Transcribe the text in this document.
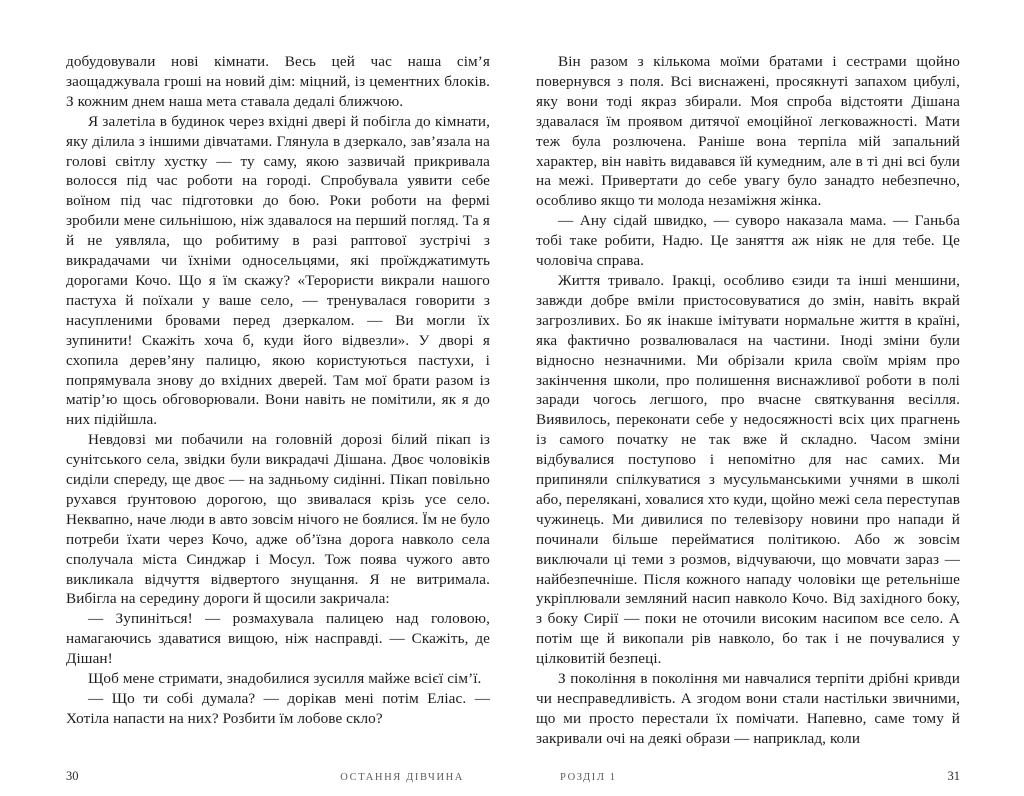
добудовували нові кімнати. Весь цей час наша сім’я заощаджувала гроші на новий дім: міцний, із цементних блоків. З кожним днем наша мета ставала дедалі ближчою.

Я залетіла в будинок через вхідні двері й побігла до кімнати, яку ділила з іншими дівчатами. Глянула в дзеркало, зав’язала на голові світлу хустку — ту саму, якою зазвичай прикривала волосся під час роботи на городі. Спробувала уявити себе воїном під час підготовки до бою. Роки роботи на фермі зробили мене сильнішою, ніж здавалося на перший погляд. Та я й не уявляла, що робитиму в разі раптової зустрічі з викрадачами чи їхніми односельцями, які проїжджатимуть дорогами Кочо. Що я їм скажу? «Терористи викрали нашого пастуха й поїхали у ваше село, — тренувалася говорити з насупленими бровами перед дзеркалом. — Ви могли їх зупинити! Скажіть хоча б, куди його відвезли». У дворі я схопила дерев’яну палицю, якою користуються пастухи, і попрямувала знову до вхідних дверей. Там мої брати разом із матір’ю щось обговорювали. Вони навіть не помітили, як я до них підійшла.

Невдовзі ми побачили на головній дорозі білий пікап із сунітського села, звідки були викрадачі Дішана. Двоє чоловіків сиділи спереду, ще двоє — на задньому сидінні. Пікап повільно рухався ґрунтовою дорогою, що звивалася крізь усе село. Неквапно, наче люди в авто зовсім нічого не боялися. Їм не було потреби їхати через Кочо, адже об’їзна дорога навколо села сполучала міста Синджар і Мосул. Тож поява чужого авто викликала відчуття відвертого знущання. Я не витримала. Вибігла на середину дороги й щосили закричала:

— Зупиніться! — розмахувала палицею над головою, намагаючись здаватися вищою, ніж насправді. — Скажіть, де Дішан!

Щоб мене стримати, знадобилися зусилля майже всієї сім’ї.

— Що ти собі думала? — дорікав мені потім Еліас. — Хотіла напасти на них? Розбити їм лобове скло?

Він разом з кількома моїми братами і сестрами щойно повернувся з поля. Всі виснажені, просякнуті запахом цибулі, яку вони тоді якраз збирали. Моя спроба відстояти Дішана здавалася їм проявом дитячої емоційної легковажності. Мати теж була розлючена. Раніше вона терпіла мій запальний характер, він навіть видавався їй кумедним, але в ті дні всі були на межі. Привертати до себе увагу було занадто небезпечно, особливо якщо ти молода незаміжня жінка.

— Ану сідай швидко, — суворо наказала мама. — Ганьба тобі таке робити, Надю. Це заняття аж ніяк не для тебе. Це чоловіча справа.

Життя тривало. Іракці, особливо єзиди та інші меншини, завжди добре вміли пристосовуватися до змін, навіть вкрай загрозливих. Бо як інакше імітувати нормальне життя в країні, яка фактично розвалювалася на частини. Іноді зміни були відносно незначними. Ми обрізали крила своїм мріям про закінчення школи, про полишення виснажливої роботи в полі заради чогось легшого, про вчасне святкування весілля. Виявилось, переконати себе у недосяжності всіх цих прагнень із самого початку не так вже й складно. Часом зміни відбувалися поступово і непомітно для нас самих. Ми припиняли спілкуватися з мусульманськими учнями в школі або, перелякані, ховалися хто куди, щойно межі села переступав чужинець. Ми дивилися по телевізору новини про напади й починали більше перейматися політикою. Або ж зовсім виключали ці теми з розмов, відчуваючи, що мовчати зараз — найбезпечніше. Після кожного нападу чоловіки ще ретельніше укріплювали земляний насип навколо Кочо. Від західного боку, з боку Сирії — поки не оточили високим насипом все село. А потім ще й викопали рів навколо, бо так і не почувалися у цілковитій безпеці.

З покоління в покоління ми навчалися терпіти дрібні кривди чи несправедливість. А згодом вони стали настільки звичними, що ми просто перестали їх помічати. Напевно, саме тому й закривали очі на деякі образи — наприклад, коли

30	ОСТАННЯ ДІВЧИНА	РОЗДІЛ 1	31
